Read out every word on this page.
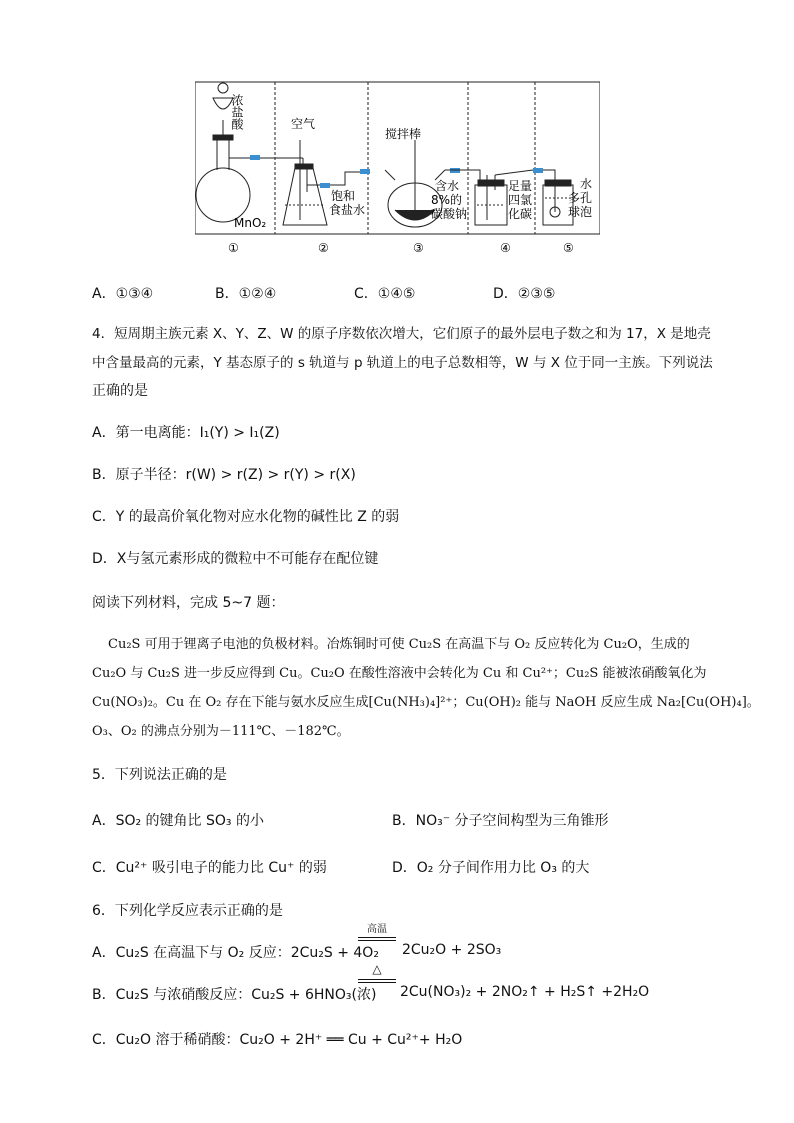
浓盐酸
MnO₂
空气
饱和
食盐水
搅拌棒
含水
8%的
碳酸钠
足量
四氯
化碳
水
多孔
球泡
①	②	③	④	⑤
A．①③④	B．①②④	C．①④⑤	D．②③⑤
4．短周期主族元素 X、Y、Z、W 的原子序数依次增大，它们原子的最外层电子数之和为 17，X 是地壳
中含量最高的元素，Y 基态原子的 s 轨道与 p 轨道上的电子总数相等，W 与 X 位于同一主族。下列说法
正确的是
A．第一电离能：I₁(Y) > I₁(Z)
B．原子半径：r(W) > r(Z) > r(Y) > r(X)
C．Y 的最高价氧化物对应水化物的碱性比 Z 的弱
D．X与氢元素形成的微粒中不可能存在配位键
阅读下列材料，完成 5~7 题：
Cu₂S 可用于锂离子电池的负极材料。冶炼铜时可使 Cu₂S 在高温下与 O₂ 反应转化为 Cu₂O，生成的
Cu₂O 与 Cu₂S 进一步反应得到 Cu。Cu₂O 在酸性溶液中会转化为 Cu 和 Cu²⁺；Cu₂S 能被浓硝酸氧化为
Cu(NO₃)₂。Cu 在 O₂ 存在下能与氨水反应生成[Cu(NH₃)₄]²⁺；Cu(OH)₂ 能与 NaOH 反应生成 Na₂[Cu(OH)₄]。
O₃、O₂ 的沸点分别为－111℃、－182℃。
5．下列说法正确的是
A．SO₂ 的键角比 SO₃ 的小	B．NO₃⁻ 分子空间构型为三角锥形
C．Cu²⁺ 吸引电子的能力比 Cu⁺ 的弱	D．O₂ 分子间作用力比 O₃ 的大
6．下列化学反应表示正确的是
A．Cu₂S 在高温下与 O₂ 反应：2Cu₂S + 4O₂
高温
2Cu₂O + 2SO₃
B．Cu₂S 与浓硝酸反应：Cu₂S + 6HNO₃(浓)
△
2Cu(NO₃)₂ + 2NO₂↑ + H₂S↑ +2H₂O
C．Cu₂O 溶于稀硝酸：Cu₂O + 2H⁺ ══ Cu + Cu²⁺+ H₂O
